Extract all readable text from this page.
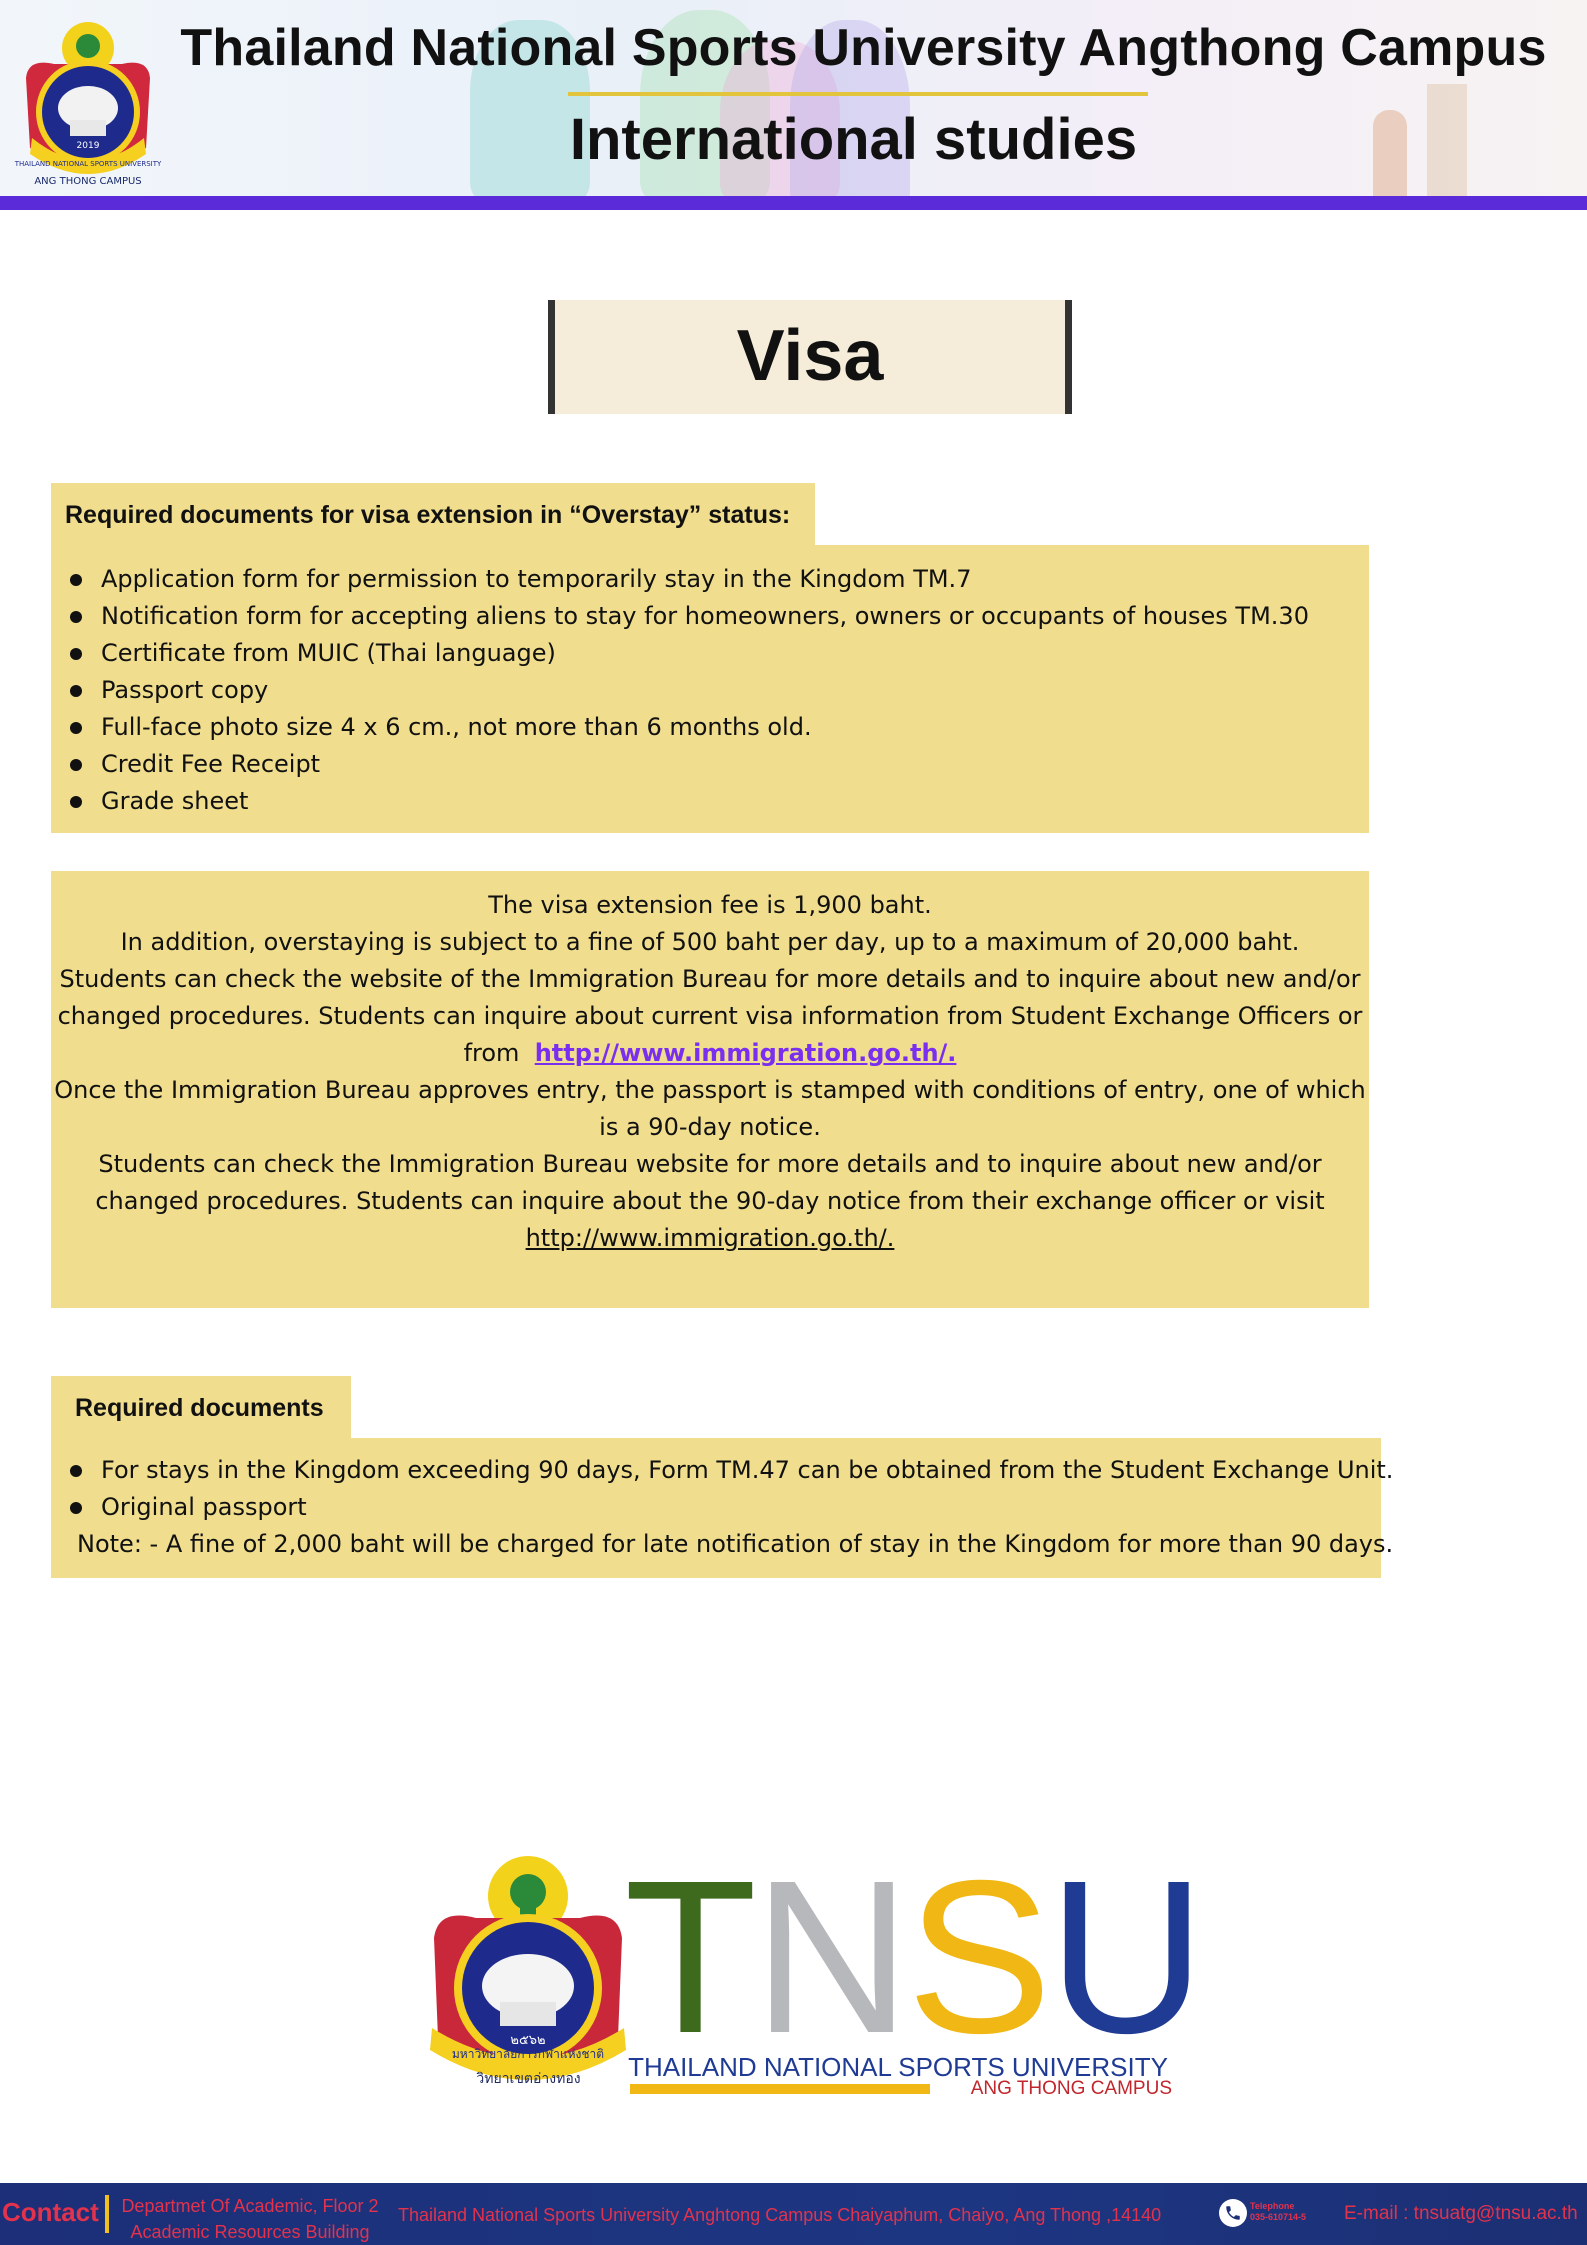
2019
THAILAND NATIONAL SPORTS UNIVERSITY
ANG THONG CAMPUS
Thailand National Sports University Angthong Campus
International studies
Visa
Required documents for visa extension in “Overstay” status:
Application form for permission to temporarily stay in the Kingdom TM.7
Notification form for accepting aliens to stay for homeowners, owners or occupants of houses TM.30
Certificate from MUIC (Thai language)
Passport copy
Full-face photo size 4 x 6 cm., not more than 6 months old.
Credit Fee Receipt
Grade sheet

The visa extension fee is 1,900 baht.

In addition, overstaying is subject to a fine of 500 baht per day, up to a maximum of 20,000 baht.

Students can check the website of the Immigration Bureau for more details and to inquire about new and/or changed procedures. Students can inquire about current visa information from Student Exchange Officers or from http://www.immigration.go.th/.

Once the Immigration Bureau approves entry, the passport is stamped with conditions of entry, one of which is a 90-day notice.

Students can check the Immigration Bureau website for more details and to inquire about new and/or changed procedures. Students can inquire about the 90-day notice from their exchange officer or visit http://www.immigration.go.th/.

Required documents
For stays in the Kingdom exceeding 90 days, Form TM.47 can be obtained from the Student Exchange Unit.
Original passport
Note: - A fine of 2,000 baht will be charged for late notification of stay in the Kingdom for more than 90 days.
๒๕๖๒
มหาวิทยาลัยการกีฬาแห่งชาติ
วิทยาเขตอ่างทอง TNSU
THAILAND NATIONAL SPORTS UNIVERSITY
ANG THONG CAMPUS
Contact	Departmet Of Academic, Floor 2
Academic Resources Building
Thailand National Sports University Anghtong Campus Chaiyaphum, Chaiyo, Ang Thong ,14140	Telephone
035-610714-5 E-mail : tnsuatg@tnsu.ac.th
